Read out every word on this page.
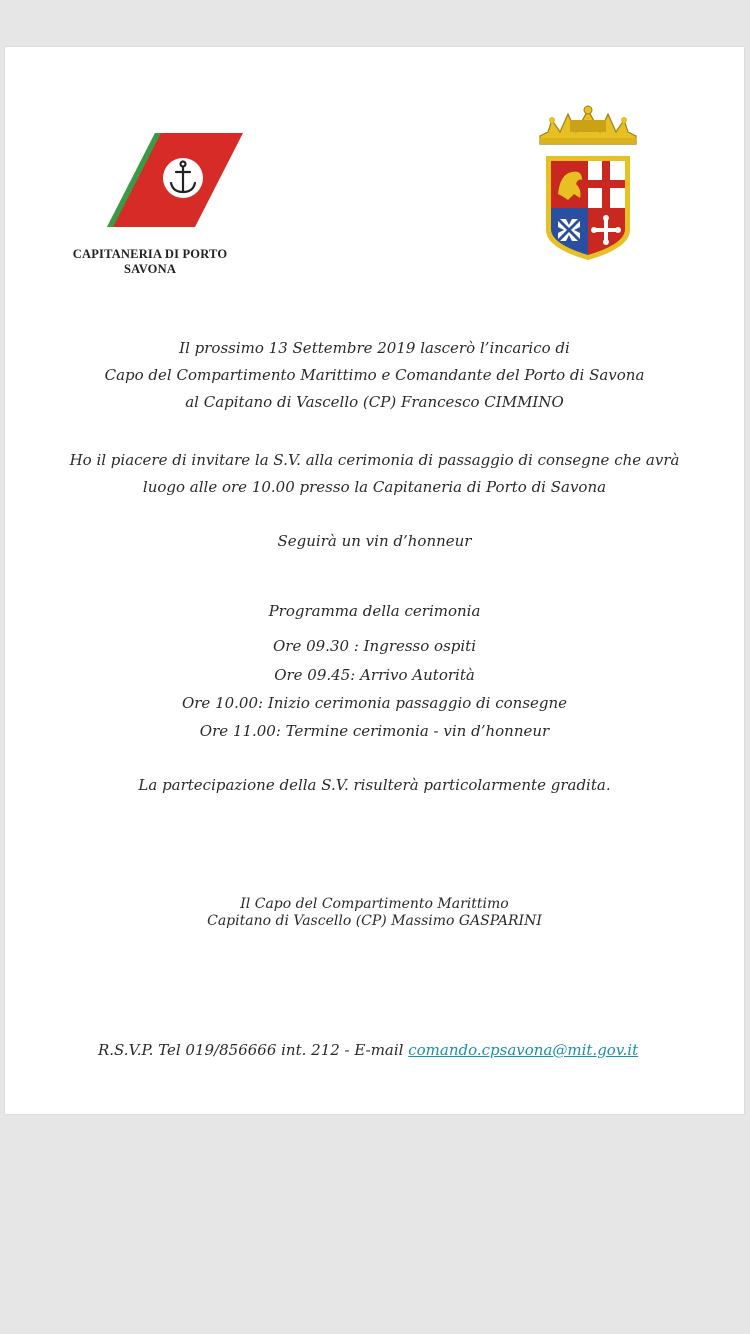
CAPITANERIA DI PORTO
SAVONA
Il prossimo 13 Settembre 2019 lascerò l’incarico di
Capo del Compartimento Marittimo e Comandante del Porto di Savona
al Capitano di Vascello (CP) Francesco CIMMINO
Ho il piacere di invitare la S.V. alla cerimonia di passaggio di consegne che avrà
luogo alle ore 10.00 presso la Capitaneria di Porto di Savona
Seguirà un vin d’honneur
Programma della cerimonia
Ore 09.30 : Ingresso ospiti
Ore 09.45: Arrivo Autorità
Ore 10.00: Inizio cerimonia passaggio di consegne
Ore 11.00: Termine cerimonia - vin d’honneur
La partecipazione della S.V. risulterà particolarmente gradita.
Il Capo del Compartimento Marittimo
Capitano di Vascello (CP) Massimo GASPARINI
R.S.V.P. Tel 019/856666 int. 212 - E-mail comando.cpsavona@mit.gov.it
